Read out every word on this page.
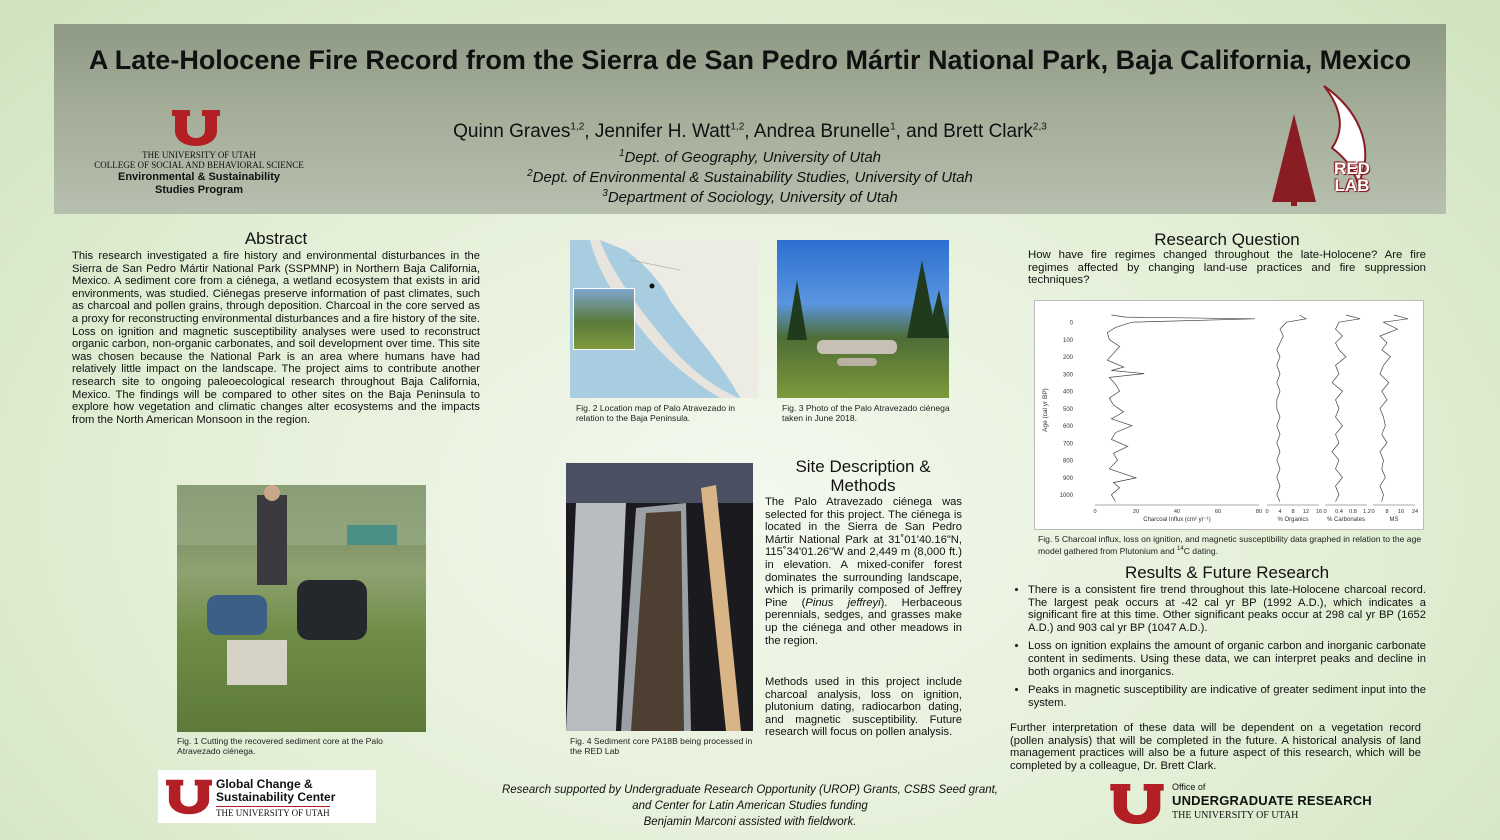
A Late-Holocene Fire Record from the Sierra de San Pedro Mártir National Park, Baja California, Mexico
Quinn Graves$^{1,2}$, Jennifer H. Watt$^{1,2}$, Andrea Brunelle$^1$, and Brett Clark$^{2,3}$
$^1$Dept. of Geography, University of Utah
$^2$Dept. of Environmental & Sustainability Studies, University of Utah
$^3$Department of Sociology, University of Utah
THE UNIVERSITY OF UTAH
COLLEGE OF SOCIAL AND BEHAVIORAL SCIENCE
Environmental & Sustainability
Studies Program
RED
LAB
Abstract
This research investigated a fire history and environmental disturbances in the Sierra de San Pedro Mártir National Park (SSPMNP) in Northern Baja California, Mexico. A sediment core from a ciénega, a wetland ecosystem that exists in arid environments, was studied. Ciénegas preserve information of past climates, such as charcoal and pollen grains, through deposition. Charcoal in the core served as a proxy for reconstructing environmental disturbances and a fire history of the site. Loss on ignition and magnetic susceptibility analyses were used to reconstruct organic carbon, non-organic carbonates, and soil development over time. This site was chosen because the National Park is an area where humans have had relatively little impact on the landscape. The project aims to contribute another research site to ongoing paleoecological research throughout Baja California, Mexico. The findings will be compared to other sites on the Baja Peninsula to explore how vegetation and climatic changes alter ecosystems and the impacts from the North American Monsoon in the region.
Fig. 1 Cutting the recovered sediment core at the Palo Atravezado ciénega.
Fig. 2 Location map of Palo Atravezado in relation to the Baja Peninsula.
Fig. 3 Photo of the Palo Atravezado ciénega taken in June 2018.
Fig. 4 Sediment core PA18B being processed in the RED Lab
Site Description &
Methods
The Palo Atravezado ciénega was selected for this project. The ciénega is located in the Sierra de San Pedro Mártir National Park at 31˚01'40.16"N, 115˚34'01.26"W and 2,449 m (8,000 ft.) in elevation. A mixed-conifer forest dominates the surrounding landscape, which is primarily composed of Jeffrey Pine (Pinus jeffreyi). Herbaceous perennials, sedges, and grasses make up the ciénega and other meadows in the region.
Methods used in this project include charcoal analysis, loss on ignition, plutonium dating, radiocarbon dating, and magnetic susceptibility. Future research will focus on pollen analysis.
Research Question
How have fire regimes changed throughout the late-Holocene? Are fire regimes affected by changing land-use practices and fire suppression techniques?
0
100
200
300
400
500
600
700
800
900
1000
Age (cal yr BP)
0	20	40	60	80
Charcoal Influx (cm² yr⁻¹)
0 4 8 12 16
% Organics
0 0.4 0.8 1.2
% Carbonates
0 8 16 24
MS
Fig. 5 Charcoal influx, loss on ignition, and magnetic susceptibility data graphed in relation to the age model gathered from Plutonium and $^{14}$C dating.
Results & Future Research
• There is a consistent fire trend throughout this late-Holocene charcoal record. The largest peak occurs at -42 cal yr BP (1992 A.D.), which indicates a significant fire at this time. Other significant peaks occur at 298 cal yr BP (1652 A.D.) and 903 cal yr BP (1047 A.D.).
• Loss on ignition explains the amount of organic carbon and inorganic carbonate content in sediments. Using these data, we can interpret peaks and decline in both organics and inorganics.
• Peaks in magnetic susceptibility are indicative of greater sediment input into the system.
Further interpretation of these data will be dependent on a vegetation record (pollen analysis) that will be completed in the future. A historical analysis of land management practices will also be a future aspect of this research, which will be completed by a colleague, Dr. Brett Clark.
Global Change &
Sustainability Center
THE UNIVERSITY OF UTAH
Research supported by Undergraduate Research Opportunity (UROP) Grants, CSBS Seed grant,
and Center for Latin American Studies funding
Benjamin Marconi assisted with fieldwork.
Office of
UNDERGRADUATE RESEARCH
THE UNIVERSITY OF UTAH
